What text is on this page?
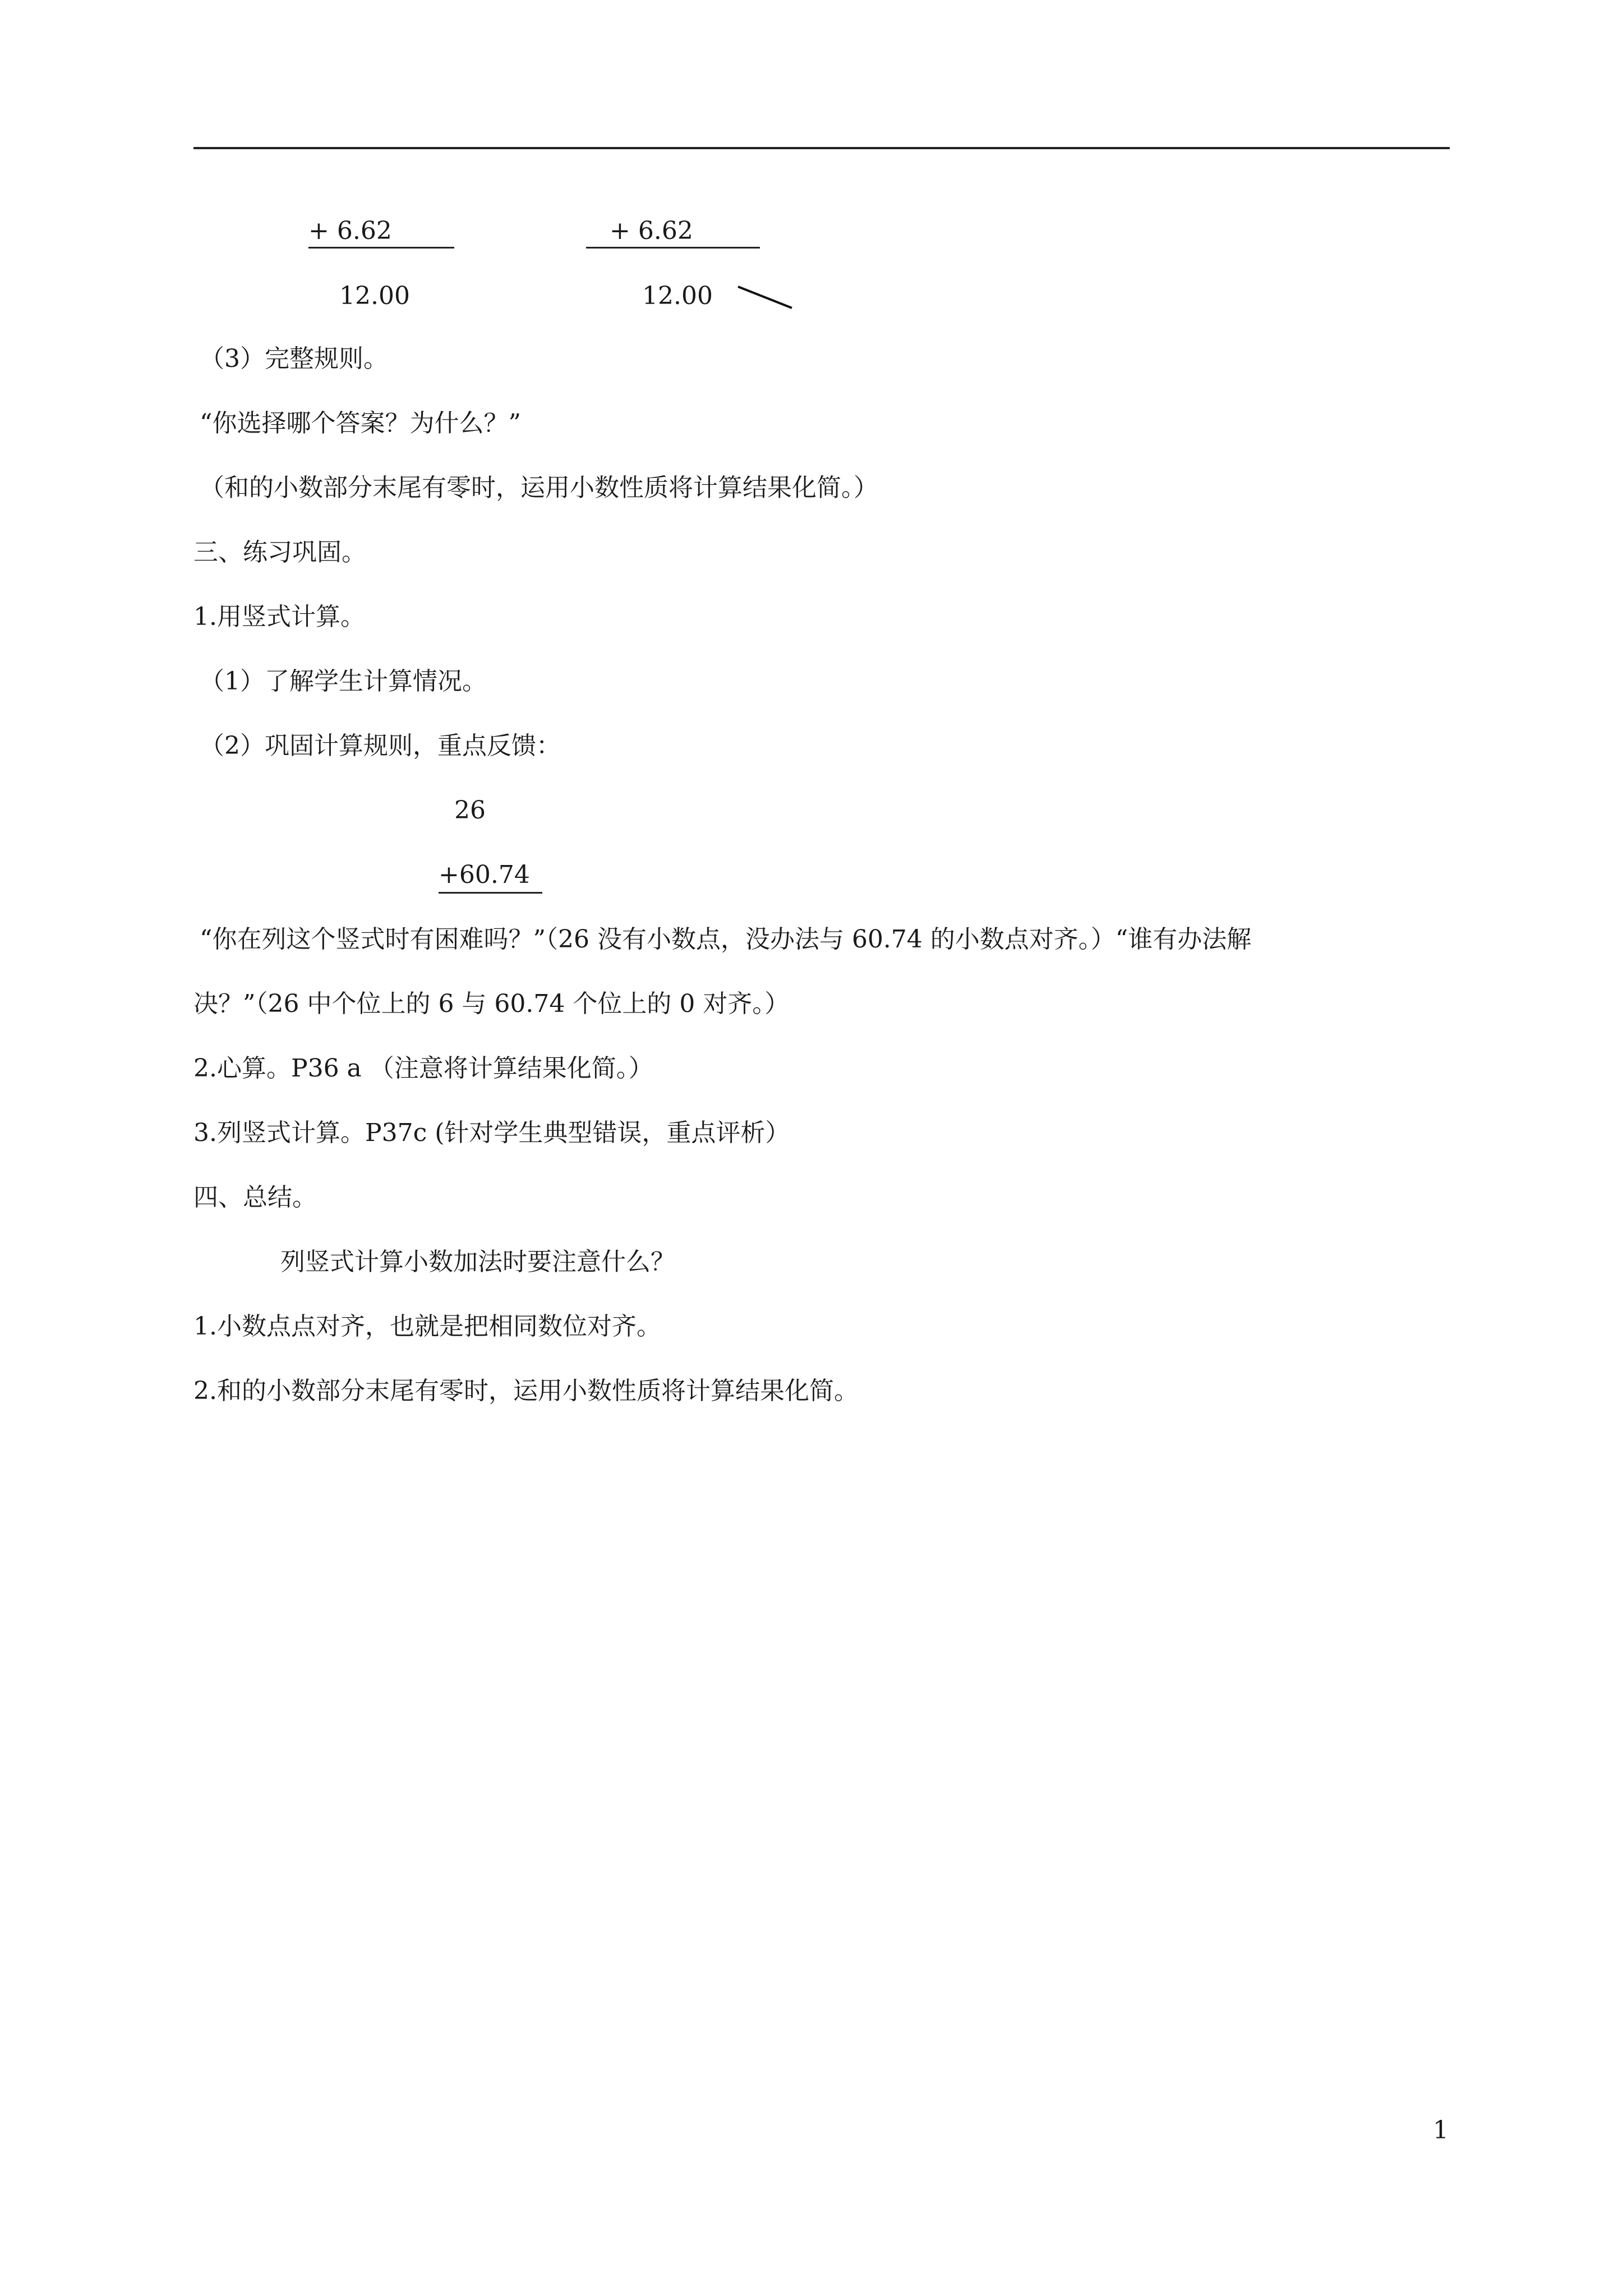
+ 6.62
12.00
+ 6.62
12.00
（3）完整规则。
“你选择哪个答案？为什么？”
（和的小数部分末尾有零时，运用小数性质将计算结果化简。）
三、练习巩固。
1.用竖式计算。
（1）了解学生计算情况。
（2）巩固计算规则，重点反馈：
26
+60.74
“你在列这个竖式时有困难吗？”（26 没有小数点，没办法与 60.74 的小数点对齐。）“谁有办法解
决？”（26 中个位上的 6 与 60.74 个位上的 0 对齐。）
2.心算。P36 a （注意将计算结果化简。）
3.列竖式计算。P37c (针对学生典型错误，重点评析）
四、总结。
列竖式计算小数加法时要注意什么？
1.小数点点对齐，也就是把相同数位对齐。
2.和的小数部分末尾有零时，运用小数性质将计算结果化简。
1
